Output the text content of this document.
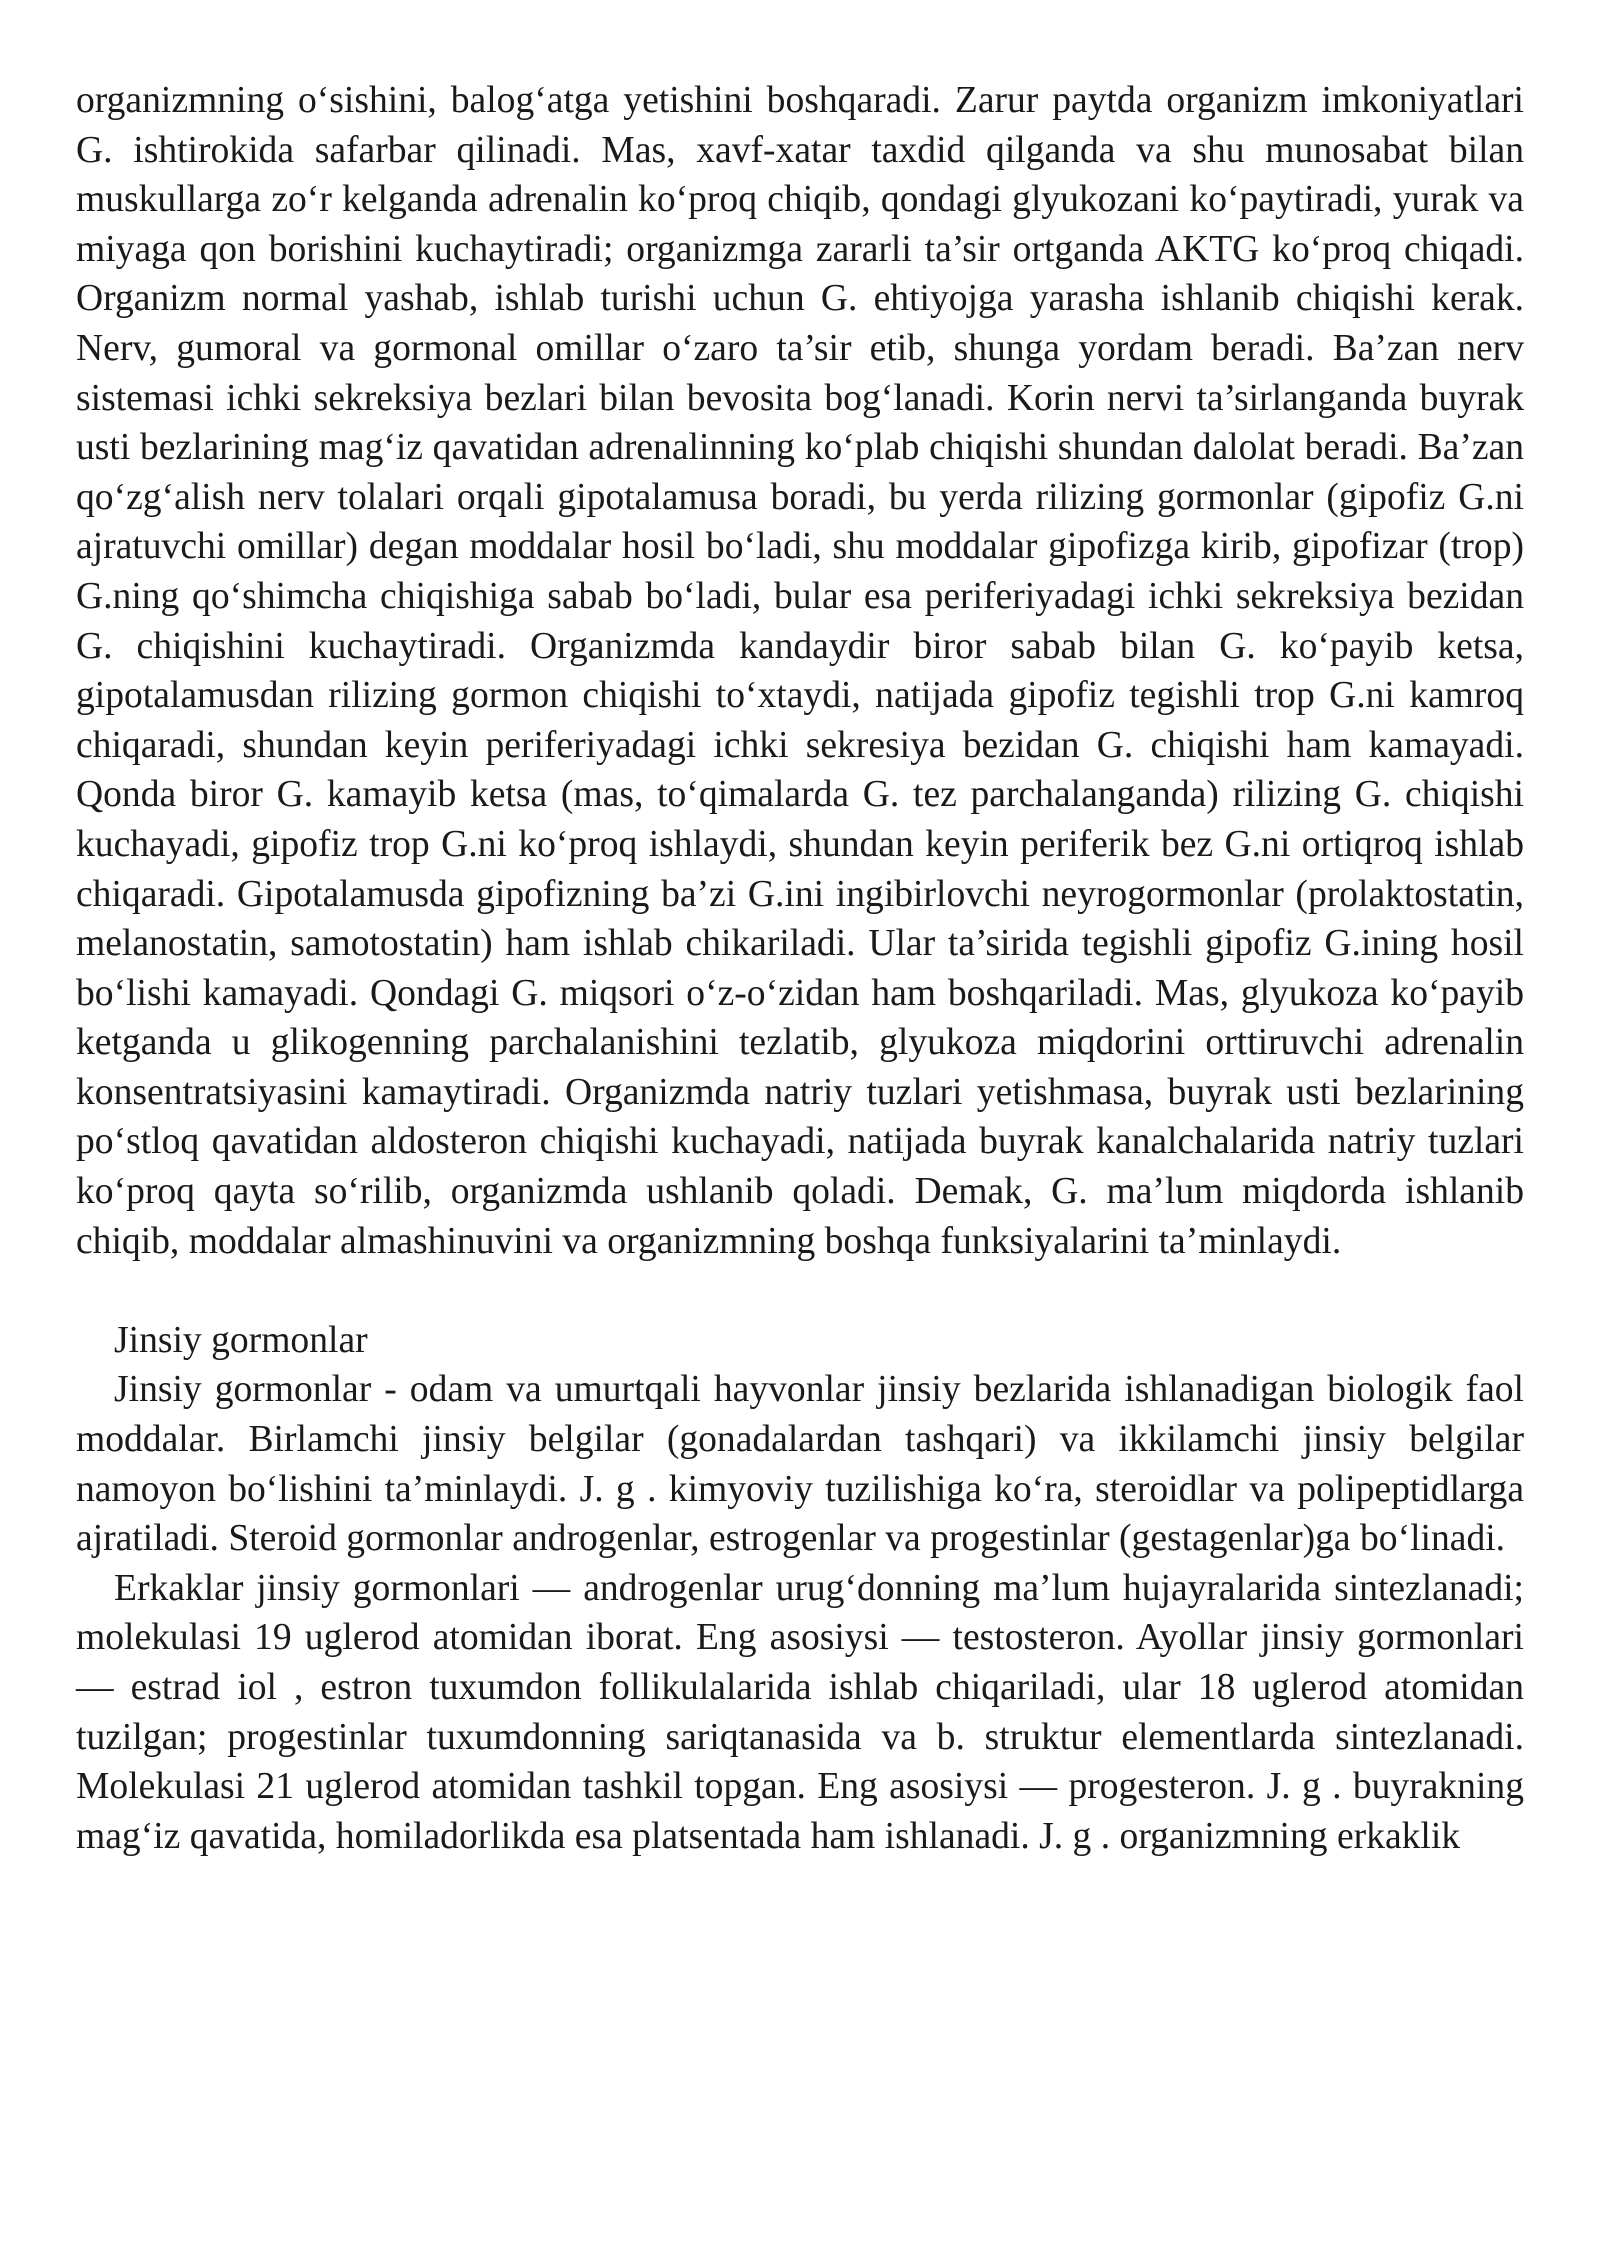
organizmning o‘sishini, balog‘atga yetishini boshqaradi. Zarur paytda organizm imkoniyatlari G. ishtirokida safarbar qilinadi. Mas, xavf-xatar taxdid qilganda va shu munosabat bilan muskullarga zo‘r kelganda adrenalin ko‘proq chiqib, qondagi glyukozani ko‘paytiradi, yurak va miyaga qon borishini kuchaytiradi; organizmga zararli ta’sir ortganda AKTG ko‘proq chiqadi. Organizm normal yashab, ishlab turishi uchun G. ehtiyojga yarasha ishlanib chiqishi kerak. Nerv, gumoral va gormonal omillar o‘zaro ta’sir etib, shunga yordam beradi. Ba’zan nerv sistemasi ichki sekreksiya bezlari bilan bevosita bog‘lanadi. Korin nervi ta’sirlanganda buyrak usti bezlarining mag‘iz qavatidan adrenalinning ko‘plab chiqishi shundan dalolat beradi. Ba’zan qo‘zg‘alish nerv tolalari orqali gipotalamusa boradi, bu yerda rilizing gormonlar (gipofiz G.ni ajratuvchi omillar) degan moddalar hosil bo‘ladi, shu moddalar gipofizga kirib, gipofizar (trop) G.ning qo‘shimcha chiqishiga sabab bo‘ladi, bular esa periferiyadagi ichki sekreksiya bezidan G. chiqishini kuchaytiradi. Organizmda kandaydir biror sabab bilan G. ko‘payib ketsa, gipotalamusdan rilizing gormon chiqishi to‘xtaydi, natijada gipofiz tegishli trop G.ni kamroq chiqaradi, shundan keyin periferiyadagi ichki sekresiya bezidan G. chiqishi ham kamayadi. Qonda biror G. kamayib ketsa (mas, to‘qimalarda G. tez parchalanganda) rilizing G. chiqishi kuchayadi, gipofiz trop G.ni ko‘proq ishlaydi, shundan keyin periferik bez G.ni ortiqroq ishlab chiqaradi. Gipotalamusda gipofizning ba’zi G.ini ingibirlovchi neyrogormonlar (prolaktostatin, melanostatin, samotostatin) ham ishlab chikariladi. Ular ta’sirida tegishli gipofiz G.ining hosil bo‘lishi kamayadi. Qondagi G. miqsori o‘z-o‘zidan ham boshqariladi. Mas, glyukoza ko‘payib ketganda u glikogenning parchalanishini tezlatib, glyukoza miqdorini orttiruvchi adrenalin konsentratsiyasini kamaytiradi. Organizmda natriy tuzlari yetishmasa, buyrak usti bezlarining po‘stloq qavatidan aldosteron chiqishi kuchayadi, natijada buyrak kanalchalarida natriy tuzlari ko‘proq qayta so‘rilib, organizmda ushlanib qoladi. Demak, G. ma’lum miqdorda ishlanib chiqib, moddalar almashinuvini va organizmning boshqa funksiyalarini ta’minlaydi.

Jinsiy gormonlar

Jinsiy gormonlar - odam va umurtqali hayvonlar jinsiy bezlarida ishlanadigan biologik faol moddalar. Birlamchi jinsiy belgilar (gonadalardan tashqari) va ikkilamchi jinsiy belgilar namoyon bo‘lishini ta’minlaydi. J. g . kimyoviy tuzilishiga ko‘ra, steroidlar va polipeptidlarga ajratiladi. Steroid gormonlar androgenlar, estrogenlar va progestinlar (gestagenlar)ga bo‘linadi.

Erkaklar jinsiy gormonlari — androgenlar urug‘donning ma’lum hujayralarida sintezlanadi; molekulasi 19 uglerod atomidan iborat. Eng asosiysi — testosteron. Ayollar jinsiy gormonlari — estrad iol , estron tuxumdon follikulalarida ishlab chiqariladi, ular 18 uglerod atomidan tuzilgan; progestinlar tuxumdonning sariqtanasida va b. struktur elementlarda sintezlanadi. Molekulasi 21 uglerod atomidan tashkil topgan. Eng asosiysi — progesteron. J. g . buyrakning mag‘iz qavatida, homiladorlikda esa platsentada ham ishlanadi. J. g . organizmning erkaklik
